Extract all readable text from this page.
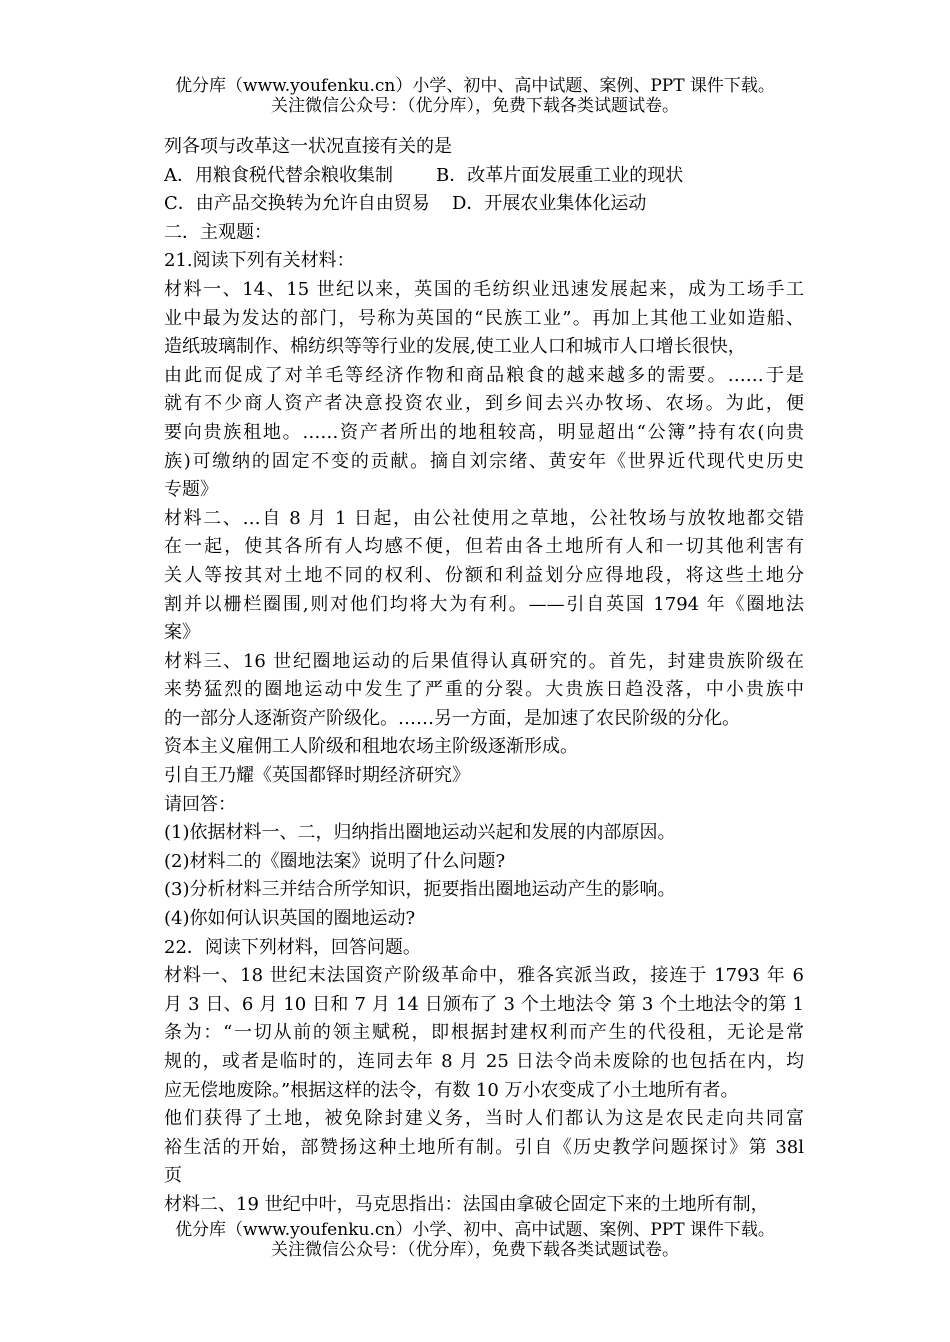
优分库（www.youfenku.cn）小学、初中、高中试题、案例、PPT 课件下载。
关注微信公众号：（优分库），免费下载各类试题试卷。
列各项与改革这一状况直接有关的是
A．用粮食税代替余粮收集制 B．改革片面发展重工业的现状
C．由产品交换转为允许自由贸易 D．开展农业集体化运动
二．主观题：
21.阅读下列有关材料：
材料一、14、15 世纪以来，英国的毛纺织业迅速发展起来，成为工场手工
业中最为发达的部门，号称为英国的“民族工业”。再加上其他工业如造船、
造纸玻璃制作、棉纺织等等行业的发展,使工业人口和城市人口增长很快，
由此而促成了对羊毛等经济作物和商品粮食的越来越多的需要。……于是
就有不少商人资产者决意投资农业，到乡间去兴办牧场、农场。为此，便
要向贵族租地。……资产者所出的地租较高，明显超出“公簿”持有农(向贵
族)可缴纳的固定不变的贡献。摘自刘宗绪、黄安年《世界近代现代史历史
专题》
材料二、…自 8 月 1 日起，由公社使用之草地，公社牧场与放牧地都交错
在一起，使其各所有人均感不便，但若由各土地所有人和一切其他利害有
关人等按其对土地不同的权利、份额和利益划分应得地段，将这些土地分
割并以栅栏圈围,则对他们均将大为有利。——引自英国 1794 年《圈地法
案》
材料三、16 世纪圈地运动的后果值得认真研究的。首先，封建贵族阶级在
来势猛烈的圈地运动中发生了严重的分裂。大贵族日趋没落，中小贵族中
的一部分人逐渐资产阶级化。……另一方面，是加速了农民阶级的分化。
资本主义雇佣工人阶级和租地农场主阶级逐渐形成。
引自王乃耀《英国都铎时期经济研究》
请回答：
(1)依据材料一、二，归纳指出圈地运动兴起和发展的内部原因。
(2)材料二的《圈地法案》说明了什么问题?
(3)分析材料三并结合所学知识，扼要指出圈地运动产生的影响。
(4)你如何认识英国的圈地运动?
22．阅读下列材料，回答问题。
材料一、18 世纪末法国资产阶级革命中，雅各宾派当政，接连于 1793 年 6
月 3 日、6 月 10 日和 7 月 14 日颁布了 3 个土地法令 第 3 个土地法令的第 1
条为：“一切从前的领主赋税，即根据封建权利而产生的代役租，无论是常
规的，或者是临时的，连同去年 8 月 25 日法令尚未废除的也包括在内，均
应无偿地废除。”根据这样的法令，有数 10 万小农变成了小土地所有者。
他们获得了土地，被免除封建义务，当时人们都认为这是农民走向共同富
裕生活的开始，部赞扬这种土地所有制。引自《历史教学问题探讨》第 38l
页
材料二、19 世纪中叶，马克思指出：法国由拿破仑固定下来的土地所有制，
优分库（www.youfenku.cn）小学、初中、高中试题、案例、PPT 课件下载。
关注微信公众号：（优分库），免费下载各类试题试卷。
